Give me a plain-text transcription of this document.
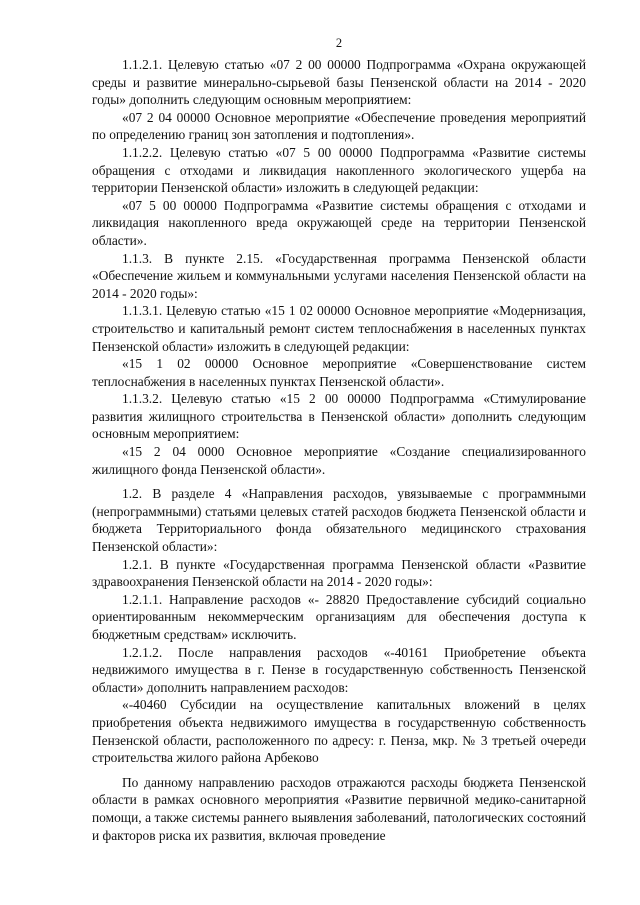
2

1.1.2.1. Целевую статью «07 2 00 00000 Подпрограмма «Охрана окружающей среды и развитие минерально-сырьевой базы Пензенской области на 2014 - 2020 годы» дополнить следующим основным мероприятием:

«07 2 04 00000 Основное мероприятие «Обеспечение проведения мероприятий по определению границ зон затопления и подтопления».

1.1.2.2. Целевую статью «07 5 00 00000 Подпрограмма «Развитие системы обращения с отходами и ликвидация накопленного экологического ущерба на территории Пензенской области» изложить в следующей редакции:

«07 5 00 00000 Подпрограмма «Развитие системы обращения с отходами и ликвидация накопленного вреда окружающей среде на территории Пензенской области».

1.1.3. В пункте 2.15. «Государственная программа Пензенской области «Обеспечение жильем и коммунальными услугами населения Пензенской области на 2014 - 2020 годы»:

1.1.3.1. Целевую статью «15 1 02 00000 Основное мероприятие «Модернизация, строительство и капитальный ремонт систем теплоснабжения в населенных пунктах Пензенской области» изложить в следующей редакции:

«15 1 02 00000 Основное мероприятие «Совершенствование систем теплоснабжения в населенных пунктах Пензенской области».

1.1.3.2. Целевую статью «15 2 00 00000 Подпрограмма «Стимулирование развития жилищного строительства в Пензенской области» дополнить следующим основным мероприятием:

«15 2 04 0000 Основное мероприятие «Создание специализированного жилищного фонда Пензенской области».

1.2. В разделе 4 «Направления расходов, увязываемые с программными (непрограммными) статьями целевых статей расходов бюджета Пензенской области и бюджета Территориального фонда обязательного медицинского страхования Пензенской области»:

1.2.1. В пункте «Государственная программа Пензенской области «Развитие здравоохранения Пензенской области на 2014 - 2020 годы»:

1.2.1.1. Направление расходов «- 28820 Предоставление субсидий социально ориентированным некоммерческим организациям для обеспечения доступа к бюджетным средствам» исключить.

1.2.1.2. После направления расходов «-40161 Приобретение объекта недвижимого имущества в г. Пензе в государственную собственность Пензенской области» дополнить направлением расходов:

«-40460 Субсидии на осуществление капитальных вложений в целях приобретения объекта недвижимого имущества в государственную собственность Пензенской области, расположенного по адресу: г. Пенза, мкр. № 3 третьей очереди строительства жилого района Арбеково

По данному направлению расходов отражаются расходы бюджета Пензенской области в рамках основного мероприятия «Развитие первичной медико-санитарной помощи, а также системы раннего выявления заболеваний, патологических состояний и факторов риска их развития, включая проведение
